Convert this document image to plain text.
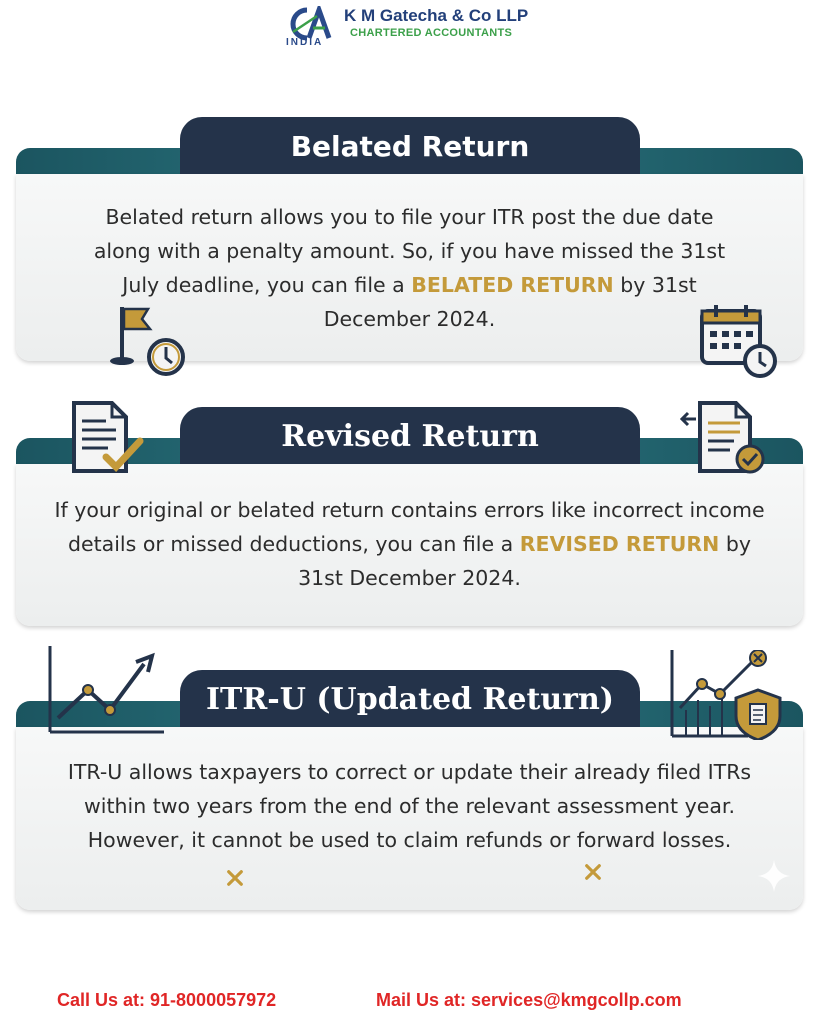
INDIA
K M Gatecha & Co LLP
CHARTERED ACCOUNTANTS
Belated Return
Belated return allows you to file your ITR post the due date along with a penalty amount. So, if you have missed the 31st July deadline, you can file a BELATED RETURN by 31st December 2024.
Revised Return
If your original or belated return contains errors like incorrect income details or missed deductions, you can file a REVISED RETURN by 31st December 2024.
ITR-U (Updated Return)
ITR-U allows taxpayers to correct or update their already filed ITRs within two years from the end of the relevant assessment year. However, it cannot be used to claim refunds or forward losses.
Call Us at: 91-8000057972	Mail Us at: services@kmgcollp.com
